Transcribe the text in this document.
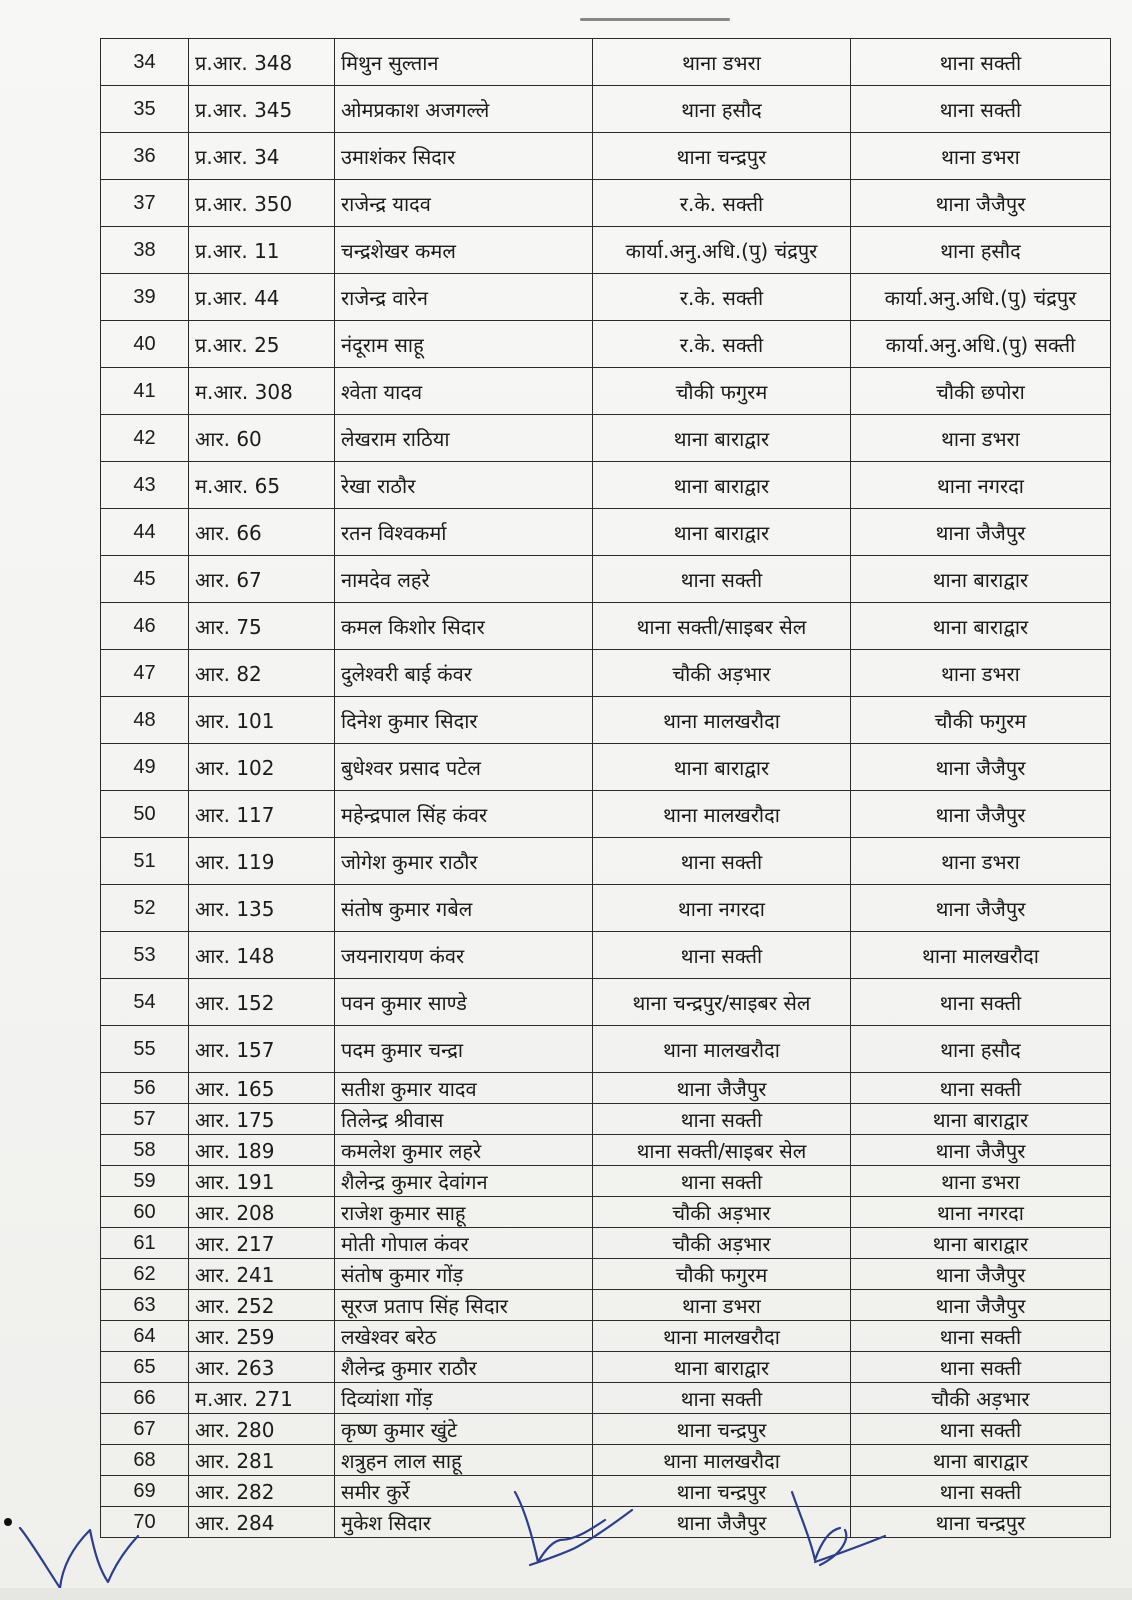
34	प्र.आर. 348	मिथुन सुल्तान	थाना डभरा	थाना सक्ती
35	प्र.आर. 345	ओमप्रकाश अजगल्ले	थाना हसौद	थाना सक्ती
36	प्र.आर. 34	उमाशंकर सिदार	थाना चन्द्रपुर	थाना डभरा
37	प्र.आर. 350	राजेन्द्र यादव	र.के. सक्ती	थाना जैजैपुर
38	प्र.आर. 11	चन्द्रशेखर कमल	कार्या.अनु.अधि.(पु) चंद्रपुर	थाना हसौद
39	प्र.आर. 44	राजेन्द्र वारेन	र.के. सक्ती	कार्या.अनु.अधि.(पु) चंद्रपुर
40	प्र.आर. 25	नंदूराम साहू	र.के. सक्ती	कार्या.अनु.अधि.(पु) सक्ती
41	म.आर. 308	श्वेता यादव	चौकी फगुरम	चौकी छपोरा
42	आर. 60	लेखराम राठिया	थाना बाराद्वार	थाना डभरा
43	म.आर. 65	रेखा राठौर	थाना बाराद्वार	थाना नगरदा
44	आर. 66	रतन विश्वकर्मा	थाना बाराद्वार	थाना जैजैपुर
45	आर. 67	नामदेव लहरे	थाना सक्ती	थाना बाराद्वार
46	आर. 75	कमल किशोर सिदार	थाना सक्ती/साइबर सेल	थाना बाराद्वार
47	आर. 82	दुलेश्वरी बाई कंवर	चौकी अड़भार	थाना डभरा
48	आर. 101	दिनेश कुमार सिदार	थाना मालखरौदा	चौकी फगुरम
49	आर. 102	बुधेश्वर प्रसाद पटेल	थाना बाराद्वार	थाना जैजैपुर
50	आर. 117	महेन्द्रपाल सिंह कंवर	थाना मालखरौदा	थाना जैजैपुर
51	आर. 119	जोगेश कुमार राठौर	थाना सक्ती	थाना डभरा
52	आर. 135	संतोष कुमार गबेल	थाना नगरदा	थाना जैजैपुर
53	आर. 148	जयनारायण कंवर	थाना सक्ती	थाना मालखरौदा
54	आर. 152	पवन कुमार साण्डे	थाना चन्द्रपुर/साइबर सेल	थाना सक्ती
55	आर. 157	पदम कुमार चन्द्रा	थाना मालखरौदा	थाना हसौद
56	आर. 165	सतीश कुमार यादव	थाना जैजैपुर	थाना सक्ती
57	आर. 175	तिलेन्द्र श्रीवास	थाना सक्ती	थाना बाराद्वार
58	आर. 189	कमलेश कुमार लहरे	थाना सक्ती/साइबर सेल	थाना जैजैपुर
59	आर. 191	शैलेन्द्र कुमार देवांगन	थाना सक्ती	थाना डभरा
60	आर. 208	राजेश कुमार साहू	चौकी अड़भार	थाना नगरदा
61	आर. 217	मोती गोपाल कंवर	चौकी अड़भार	थाना बाराद्वार
62	आर. 241	संतोष कुमार गोंड़	चौकी फगुरम	थाना जैजैपुर
63	आर. 252	सूरज प्रताप सिंह सिदार	थाना डभरा	थाना जैजैपुर
64	आर. 259	लखेश्वर बरेठ	थाना मालखरौदा	थाना सक्ती
65	आर. 263	शैलेन्द्र कुमार राठौर	थाना बाराद्वार	थाना सक्ती
66	म.आर. 271	दिव्यांशा गोंड़	थाना सक्ती	चौकी अड़भार
67	आर. 280	कृष्ण कुमार खुंटे	थाना चन्द्रपुर	थाना सक्ती
68	आर. 281	शत्रुहन लाल साहू	थाना मालखरौदा	थाना बाराद्वार
69	आर. 282	समीर कुर्रे	थाना चन्द्रपुर	थाना सक्ती
70	आर. 284	मुकेश सिदार	थाना जैजैपुर	थाना चन्द्रपुर
